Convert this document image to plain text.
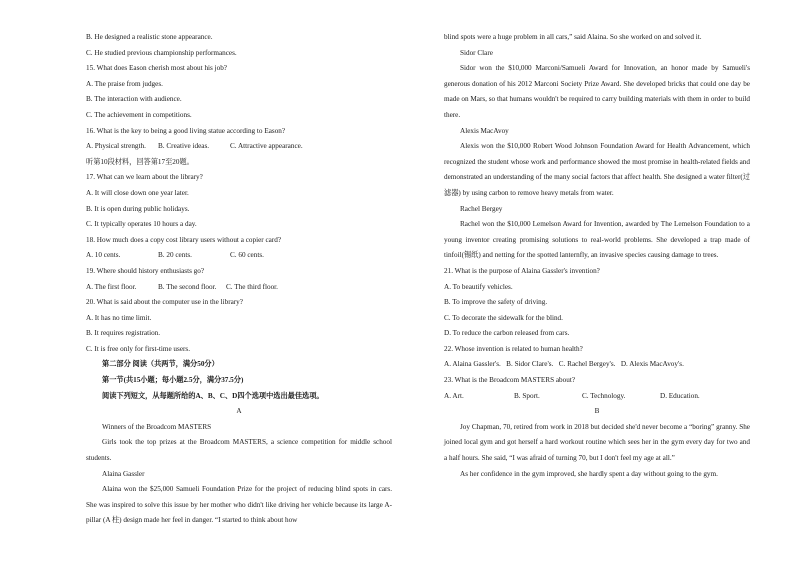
B. He designed a realistic stone appearance.
C. He studied previous championship performances.
15. What does Eason cherish most about his job?
A. The praise from judges.
B. The interaction with audience.
C. The achievement in competitions.
16. What is the key to being a good living statue according to Eason?
A. Physical strength. B. Creative ideas.	C. Attractive appearance.
听第10段材料，回答第17至20题。
17. What can we learn about the library?
A. It will close down one year later.
B. It is open during public holidays.
C. It typically operates 10 hours a day.
18. How much does a copy cost library users without a copier card?
A. 10 cents.	B. 20 cents.	C. 60 cents.
19. Where should history enthusiasts go?
A. The first floor.	B. The second floor. C. The third floor.
20. What is said about the computer use in the library?
A. It has no time limit.
B. It requires registration.
C. It is free only for first-time users.
第二部分 阅读（共两节，满分50分）
第一节(共15小题；每小题2.5分，满分37.5分)
阅读下列短文，从每题所给的A、B、C、D四个选项中选出最佳选项。
A
Winners of the Broadcom MASTERS
Girls took the top prizes at the Broadcom MASTERS, a science competition for middle school students.
Alaina Gassler
Alaina won the $25,000 Samueli Foundation Prize for the project of reducing blind spots in cars. She was inspired to solve this issue by her mother who didn't like driving her vehicle because its large A-pillar (A 柱) design made her feel in danger. “I started to think about how
blind spots were a huge problem in all cars,” said Alaina. So she worked on and solved it.
Sidor Clare
Sidor won the $10,000 Marconi/Samueli Award for Innovation, an honor made by Samueli's generous donation of his 2012 Marconi Society Prize Award. She developed bricks that could one day be made on Mars, so that humans wouldn't be required to carry building materials with them in order to build there.
Alexis MacAvoy
Alexis won the $10,000 Robert Wood Johnson Foundation Award for Health Advancement, which recognized the student whose work and performance showed the most promise in health-related fields and demonstrated an understanding of the many social factors that affect health. She designed a water filter(过滤器) by using carbon to remove heavy metals from water.
Rachel Bergey
Rachel won the $10,000 Lemelson Award for Invention, awarded by The Lemelson Foundation to a young inventor creating promising solutions to real-world problems. She developed a trap made of tinfoil(锡纸) and netting for the spotted lanternfly, an invasive species causing damage to trees.
21. What is the purpose of Alaina Gassler's invention?
A. To beautify vehicles.
B. To improve the safety of driving.
C. To decorate the sidewalk for the blind.
D. To reduce the carbon released from cars.
22. Whose invention is related to human health?
A. Alaina Gassler's.   B. Sidor Clare's.   C. Rachel Bergey's.   D. Alexis MacAvoy's.
23. What is the Broadcom MASTERS about?
A. Art.	B. Sport.	C. Technology.	D. Education.
B
Joy Chapman, 70, retired from work in 2018 but decided she'd never become a “boring” granny. She joined local gym and got herself a hard workout routine which sees her in the gym every day for two and a half hours. She said, “I was afraid of turning 70, but I don't feel my age at all.”
As her confidence in the gym improved, she hardly spent a day without going to the gym.
